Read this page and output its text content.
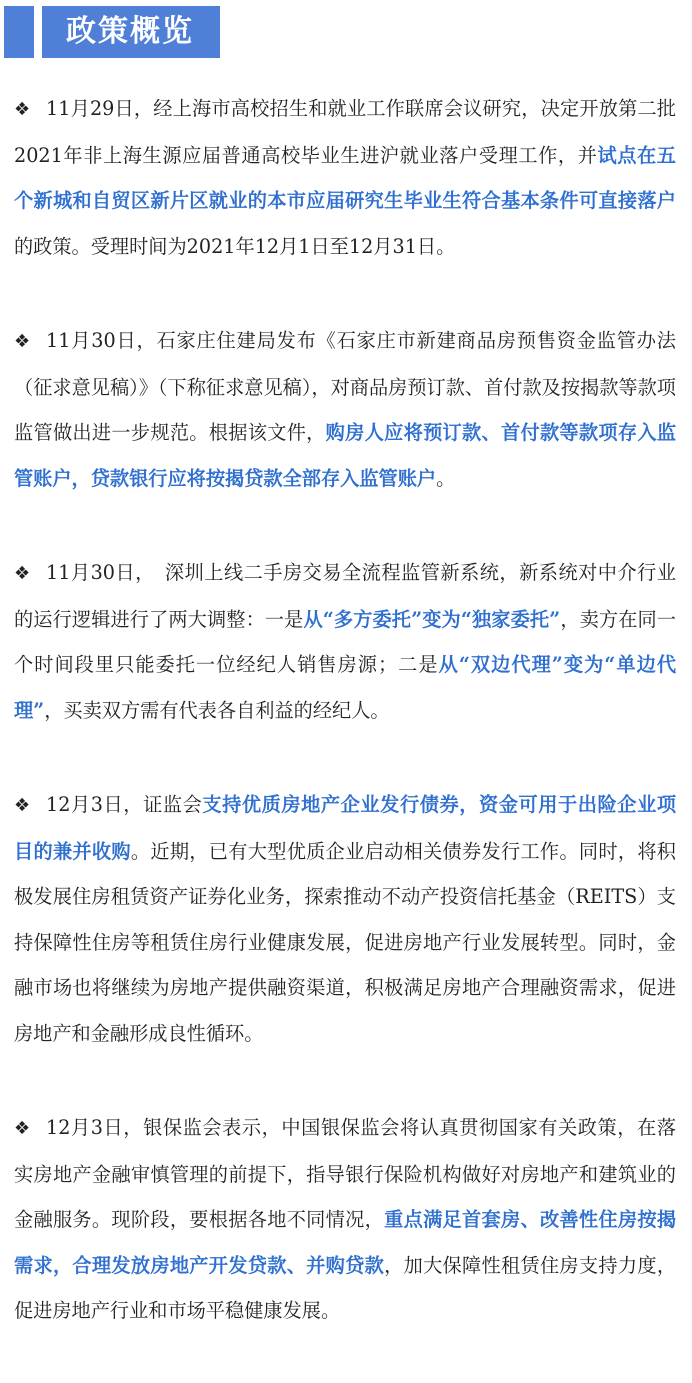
政策概览

❖ 11月29日，经上海市高校招生和就业工作联席会议研究，决定开放第二批2021年非上海生源应届普通高校毕业生进沪就业落户受理工作，并试点在五个新城和自贸区新片区就业的本市应届研究生毕业生符合基本条件可直接落户的政策。受理时间为2021年12月1日至12月31日。

❖ 11月30日，石家庄住建局发布《石家庄市新建商品房预售资金监管办法（征求意见稿）》（下称征求意见稿），对商品房预订款、首付款及按揭款等款项监管做出进一步规范。根据该文件，购房人应将预订款、首付款等款项存入监管账户，贷款银行应将按揭贷款全部存入监管账户。

❖ 11月30日，　深圳上线二手房交易全流程监管新系统，新系统对中介行业的运行逻辑进行了两大调整：一是从“多方委托”变为“独家委托”，卖方在同一个时间段里只能委托一位经纪人销售房源；二是从“双边代理”变为“单边代理”，买卖双方需有代表各自利益的经纪人。

❖ 12月3日，证监会支持优质房地产企业发行债券，资金可用于出险企业项目的兼并收购。近期，已有大型优质企业启动相关债券发行工作。同时，将积极发展住房租赁资产证券化业务，探索推动不动产投资信托基金（REITS）支持保障性住房等租赁住房行业健康发展，促进房地产行业发展转型。同时，金融市场也将继续为房地产提供融资渠道，积极满足房地产合理融资需求，促进房地产和金融形成良性循环。

❖ 12月3日，银保监会表示，中国银保监会将认真贯彻国家有关政策，在落实房地产金融审慎管理的前提下，指导银行保险机构做好对房地产和建筑业的金融服务。现阶段，要根据各地不同情况，重点满足首套房、改善性住房按揭需求，合理发放房地产开发贷款、并购贷款，加大保障性租赁住房支持力度，促进房地产行业和市场平稳健康发展。
